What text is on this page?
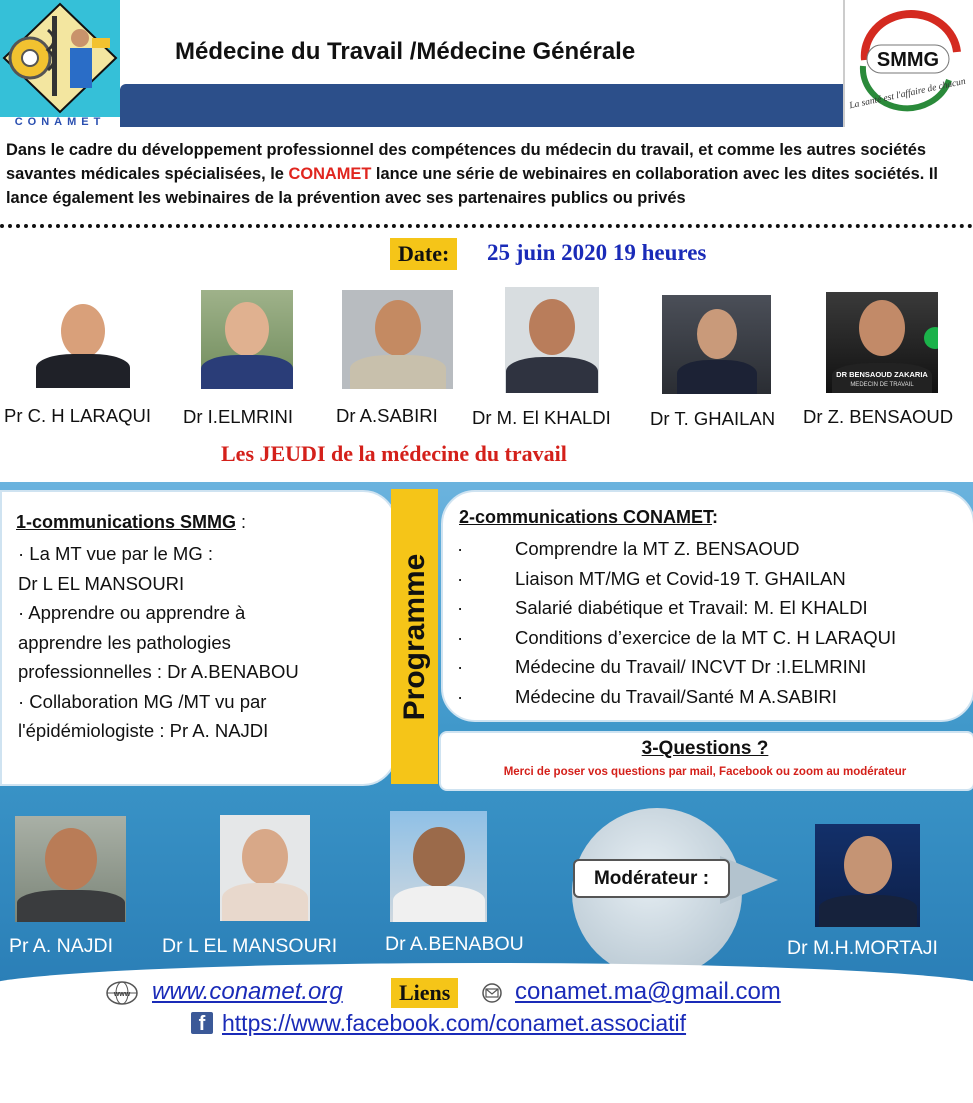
CONAMET
Médecine du Travail /Médecine Générale	SMMG
La santé est l'affaire de chacun
Dans le cadre du développement professionnel des compétences du médecin du travail, et comme les autres sociétés savantes médicales spécialisées, le CONAMET lance une série de webinaires en collaboration avec les dites sociétés. Il lance également les webinaires de la prévention avec ses partenaires publics ou privés
Date:	25 juin 2020 19 heures
DR BENSAOUD ZAKARIA
MEDECIN DE TRAVAIL
Pr C. H LARAQUI Dr I.ELMRINI Dr A.SABIRI Dr M. El KHALDI Dr T. GHAILAN Dr Z. BENSAOUD
Les JEUDI de la médecine du travail
1-communications SMMG :
· La MT vue par le MG :
Dr L EL MANSOURI
· Apprendre ou apprendre à
apprendre les pathologies
professionnelles : Dr A.BENABOU
· Collaboration MG /MT vu par
l'épidémiologiste : Pr A. NAJDI
Programme
2-communications CONAMET:
·	Comprendre la MT Z. BENSAOUD
·	Liaison MT/MG et Covid-19 T. GHAILAN
·	Salarié diabétique et Travail: M. El KHALDI
·	Conditions d’exercice de la MT C. H LARAQUI
·	Médecine du Travail/ INCVT Dr :I.ELMRINI
·	Médecine du Travail/Santé M A.SABIRI
3-Questions ?
Merci de poser vos questions par mail, Facebook ou zoom au modérateur
Modérateur :
Pr A. NAJDI	Dr L EL MANSOURI Dr A.BENABOU	Dr M.H.MORTAJI
www www.conamet.org	Liens	conamet.ma@gmail.com
f https://www.facebook.com/conamet.associatif
